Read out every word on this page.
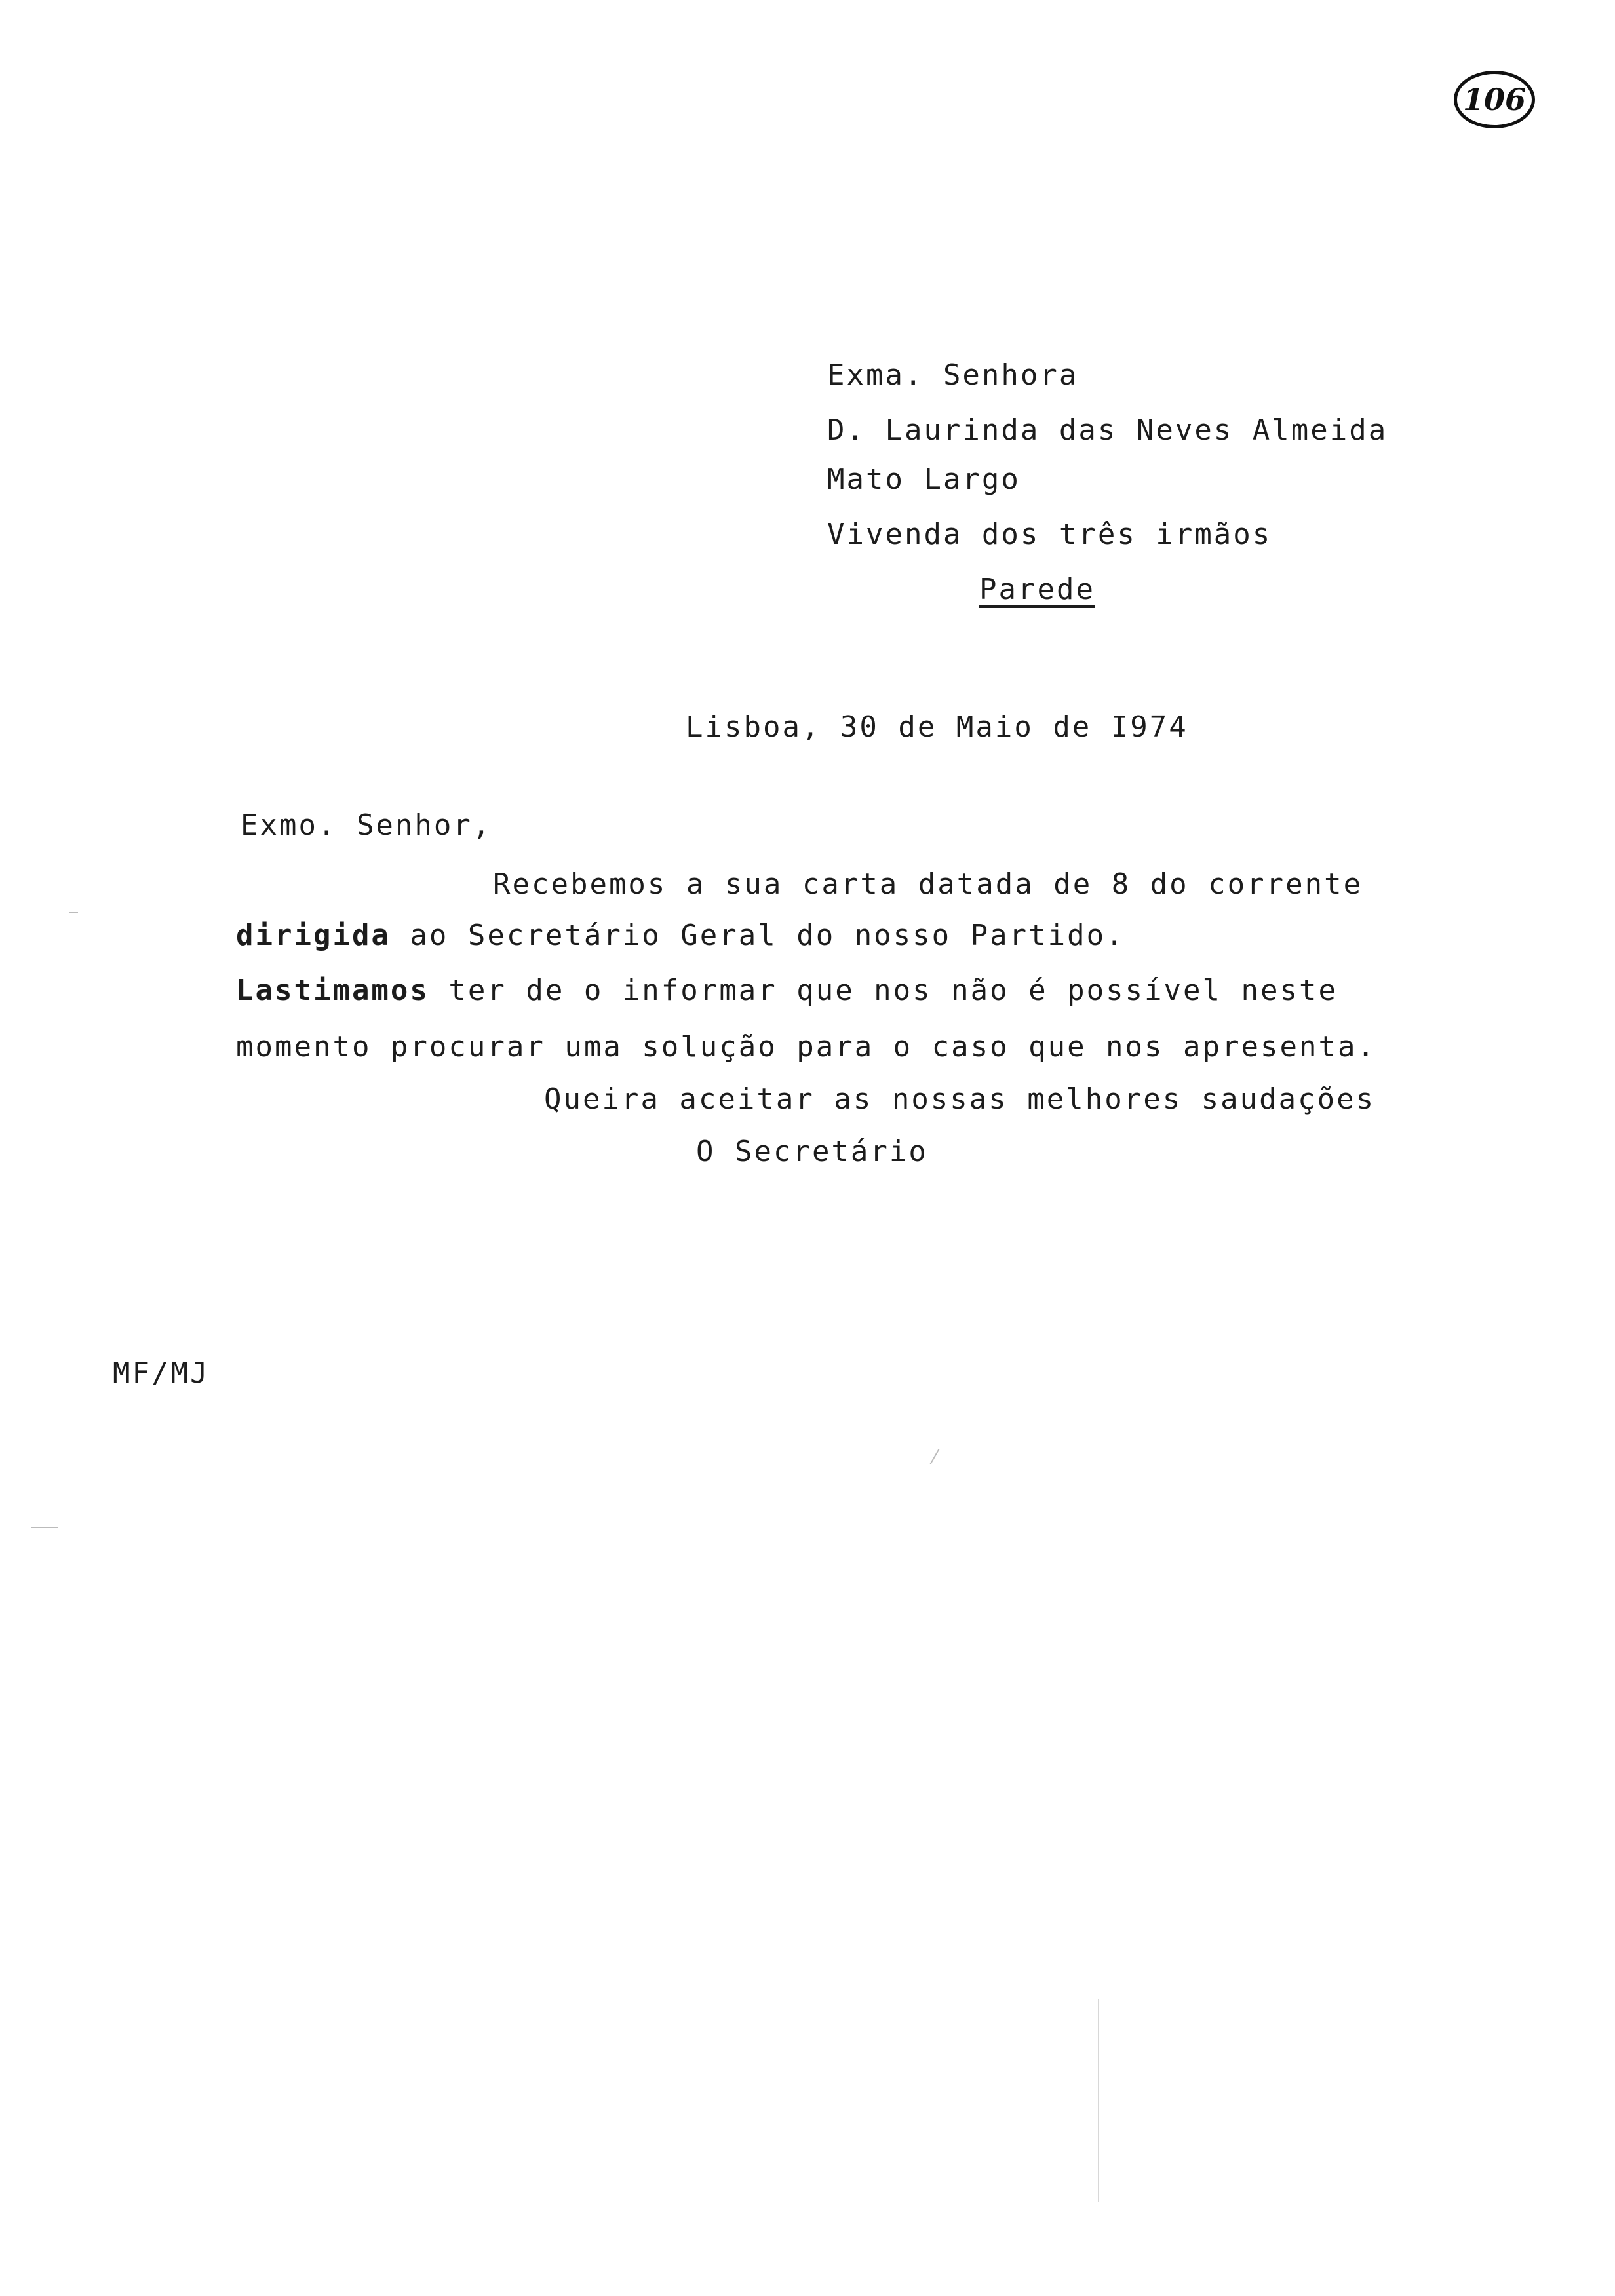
106
Exma. Senhora
D. Laurinda das Neves Almeida
Mato Largo
Vivenda dos três irmãos
Parede
Lisboa, 30 de Maio de I974
Exmo. Senhor,
Recebemos a sua carta datada de 8 do corrente
dirigida ao Secretário Geral do nosso Partido.
Lastimamos ter de o informar que nos não é possível neste
momento procurar uma solução para o caso que nos apresenta.
Queira aceitar as nossas melhores saudações
O Secretário
MF/MJ
